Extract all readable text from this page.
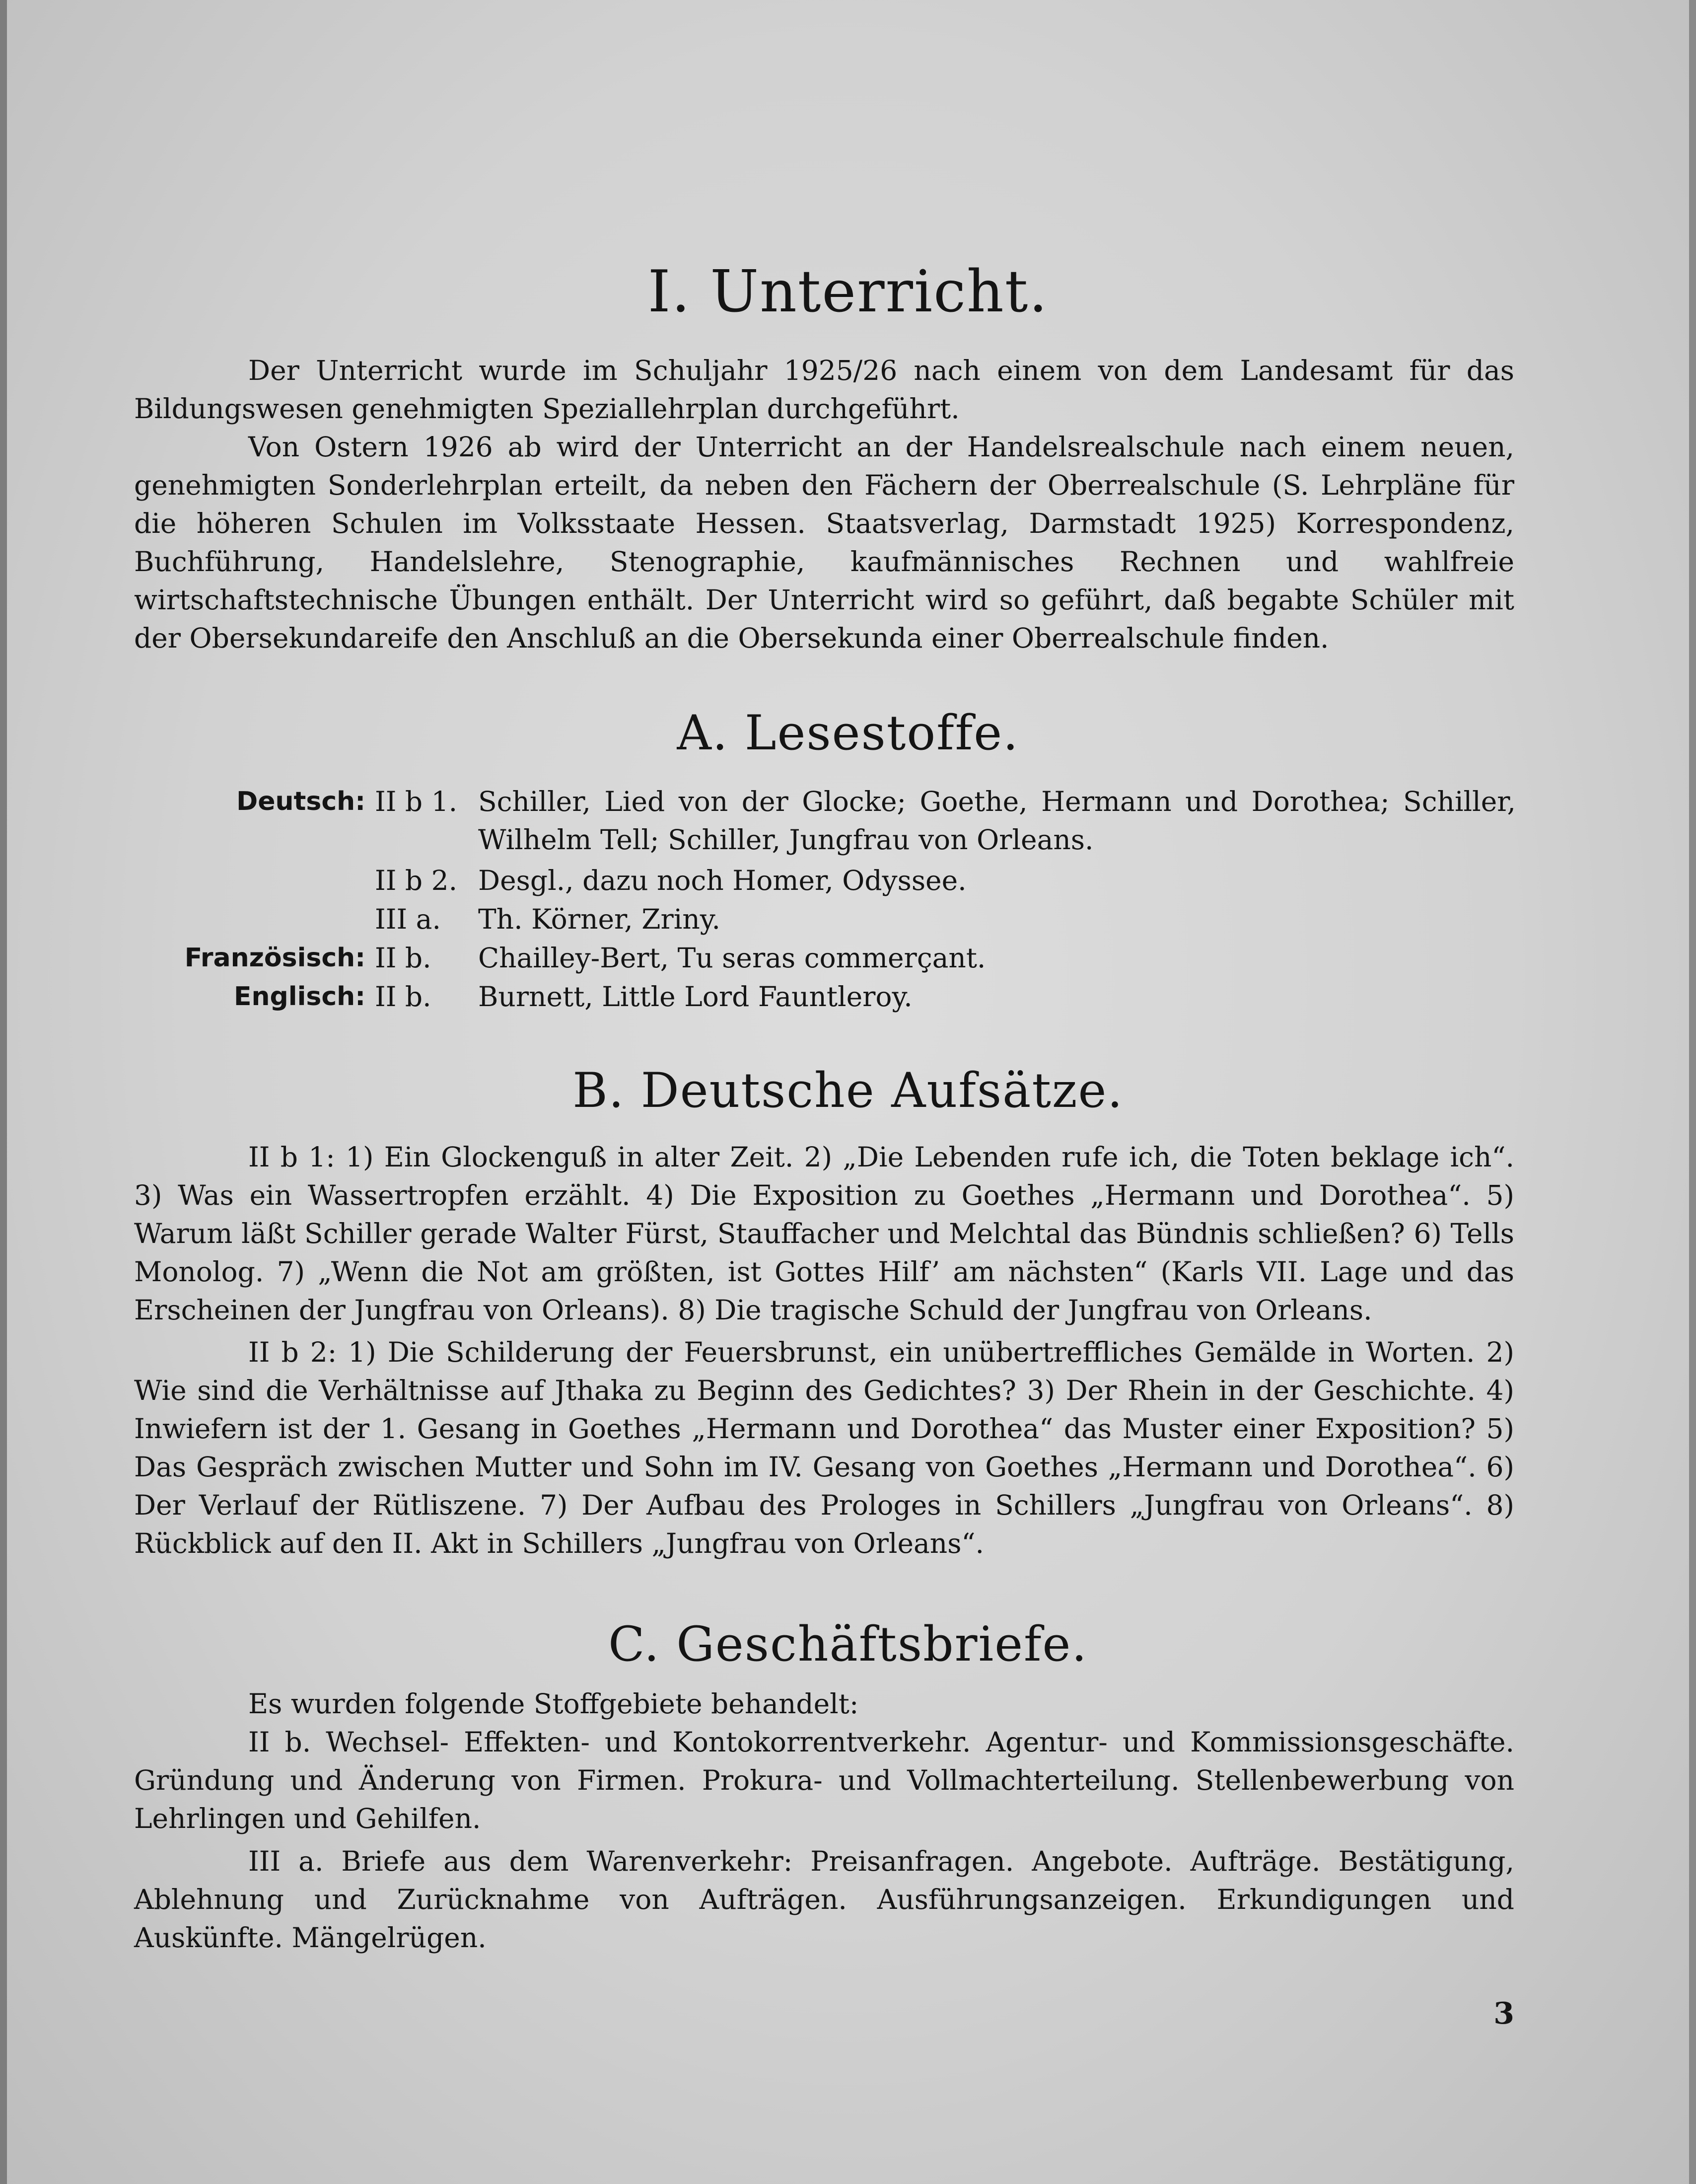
I. Unterricht.
Der Unterricht wurde im Schuljahr 1925/26 nach einem von dem Landesamt für das Bildungswesen genehmigten Speziallehrplan durchgeführt.
Von Ostern 1926 ab wird der Unterricht an der Handelsrealschule nach einem neuen, genehmigten Sonderlehrplan erteilt, da neben den Fächern der Oberrealschule (S. Lehrpläne für die höheren Schulen im Volksstaate Hessen. Staatsverlag, Darmstadt 1925) Korrespondenz, Buchführung, Handelslehre, Stenographie, kaufmännisches Rechnen und wahlfreie wirtschaftstechnische Übungen enthält. Der Unterricht wird so geführt, daß begabte Schüler mit der Obersekundareife den Anschluß an die Obersekunda einer Oberrealschule finden.
A. Lesestoffe.
Deutsch: II b 1. Schiller, Lied von der Glocke; Goethe, Hermann und Dorothea; Schiller, Wilhelm Tell; Schiller, Jungfrau von Orleans.
II b 2. Desgl., dazu noch Homer, Odyssee.
III a. Th. Körner, Zriny.
Französisch: II b. Chailley-Bert, Tu seras commerçant.
Englisch: II b. Burnett, Little Lord Fauntleroy.
B. Deutsche Aufsätze.
II b 1: 1) Ein Glockenguß in alter Zeit. 2) „Die Lebenden rufe ich, die Toten beklage ich“. 3) Was ein Wassertropfen erzählt. 4) Die Exposition zu Goethes „Hermann und Dorothea“. 5) Warum läßt Schiller gerade Walter Fürst, Stauffacher und Melchtal das Bündnis schließen? 6) Tells Monolog. 7) „Wenn die Not am größten, ist Gottes Hilf’ am nächsten“ (Karls VII. Lage und das Erscheinen der Jungfrau von Orleans). 8) Die tragische Schuld der Jungfrau von Orleans.
II b 2: 1) Die Schilderung der Feuersbrunst, ein unübertreffliches Gemälde in Worten. 2) Wie sind die Verhältnisse auf Jthaka zu Beginn des Gedichtes? 3) Der Rhein in der Geschichte. 4) Inwiefern ist der 1. Gesang in Goethes „Hermann und Dorothea“ das Muster einer Exposition? 5) Das Gespräch zwischen Mutter und Sohn im IV. Gesang von Goethes „Hermann und Dorothea“. 6) Der Verlauf der Rütliszene. 7) Der Aufbau des Prologes in Schillers „Jungfrau von Orleans“. 8) Rückblick auf den II. Akt in Schillers „Jungfrau von Orleans“.
C. Geschäftsbriefe.
Es wurden folgende Stoffgebiete behandelt:
II b. Wechsel- Effekten- und Kontokorrentverkehr. Agentur- und Kommissionsgeschäfte. Gründung und Änderung von Firmen. Prokura- und Vollmachterteilung. Stellenbewerbung von Lehrlingen und Gehilfen.
III a. Briefe aus dem Warenverkehr: Preisanfragen. Angebote. Aufträge. Bestätigung, Ablehnung und Zurücknahme von Aufträgen. Ausführungsanzeigen. Erkundigungen und Auskünfte. Mängelrügen.
3
